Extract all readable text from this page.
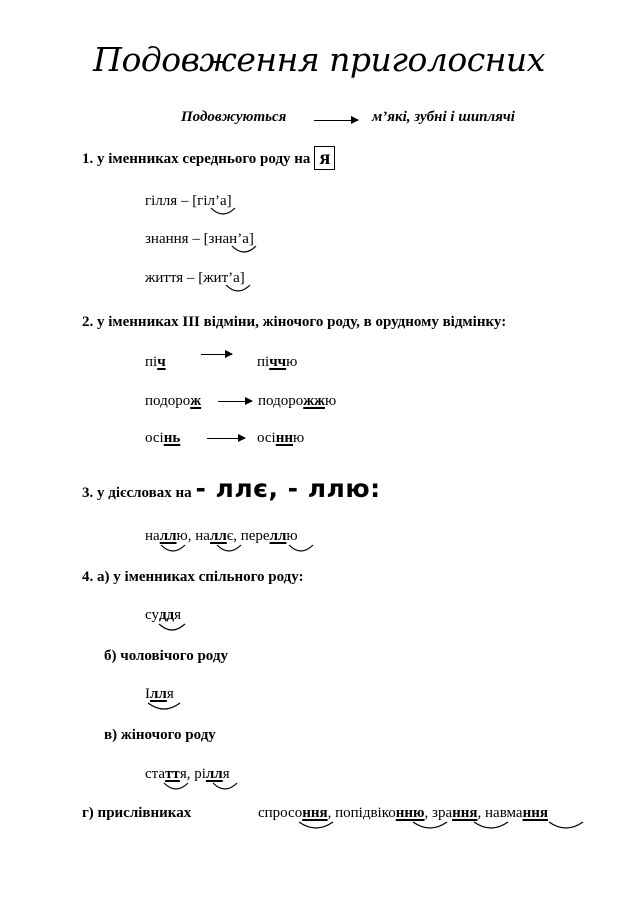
Подовження приголосних
Подовжуються	м’які, зубні і шиплячі
1. у іменниках середнього роду на я
гілля – [гіл’а]
знання – [знан’а]
життя – [жит’а]
2. у іменниках ІІІ відміни, жіночого роду, в орудному відмінку:
піч	піччю
подорож	подорожжю
осінь	осінню
3. у дієсловах на - ллє, - ллю:
наллю, наллє, переллю
4. а) у іменниках спільного роду:
суддя
б) чоловічого роду
Ілля
в) жіночого роду
стаття, рілля
г) прислівниках	спросоння, попідвіконню, зрання, навмання
